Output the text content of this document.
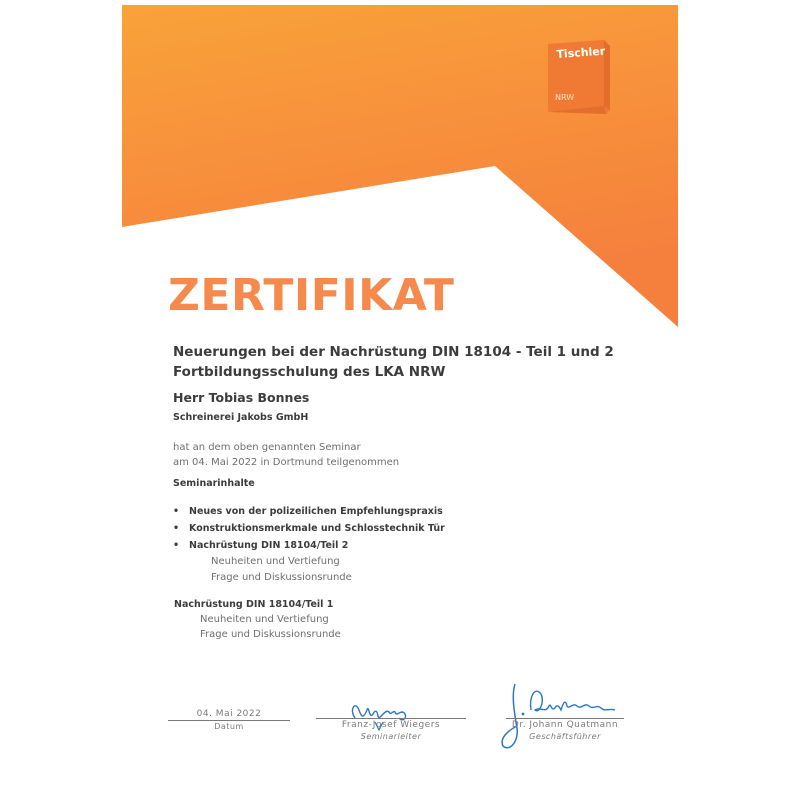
Tischler
NRW
ZERTIFIKAT
Neuerungen bei der Nachrüstung DIN 18104 - Teil 1 und 2
Fortbildungsschulung des LKA NRW
Herr Tobias Bonnes
Schreinerei Jakobs GmbH
hat an dem oben genannten Seminar
am 04. Mai 2022 in Dortmund teilgenommen
Seminarinhalte
• Neues von der polizeilichen Empfehlungspraxis
• Konstruktionsmerkmale und Schlosstechnik Tür
• Nachrüstung DIN 18104/Teil 2
Neuheiten und Vertiefung
Frage und Diskussionsrunde
Nachrüstung DIN 18104/Teil 1
Neuheiten und Vertiefung
Frage und Diskussionsrunde
04. Mai 2022
Datum	Franz-Josef Wiegers
Seminarleiter
Dr. Johann Quatmann
Geschäftsführer
